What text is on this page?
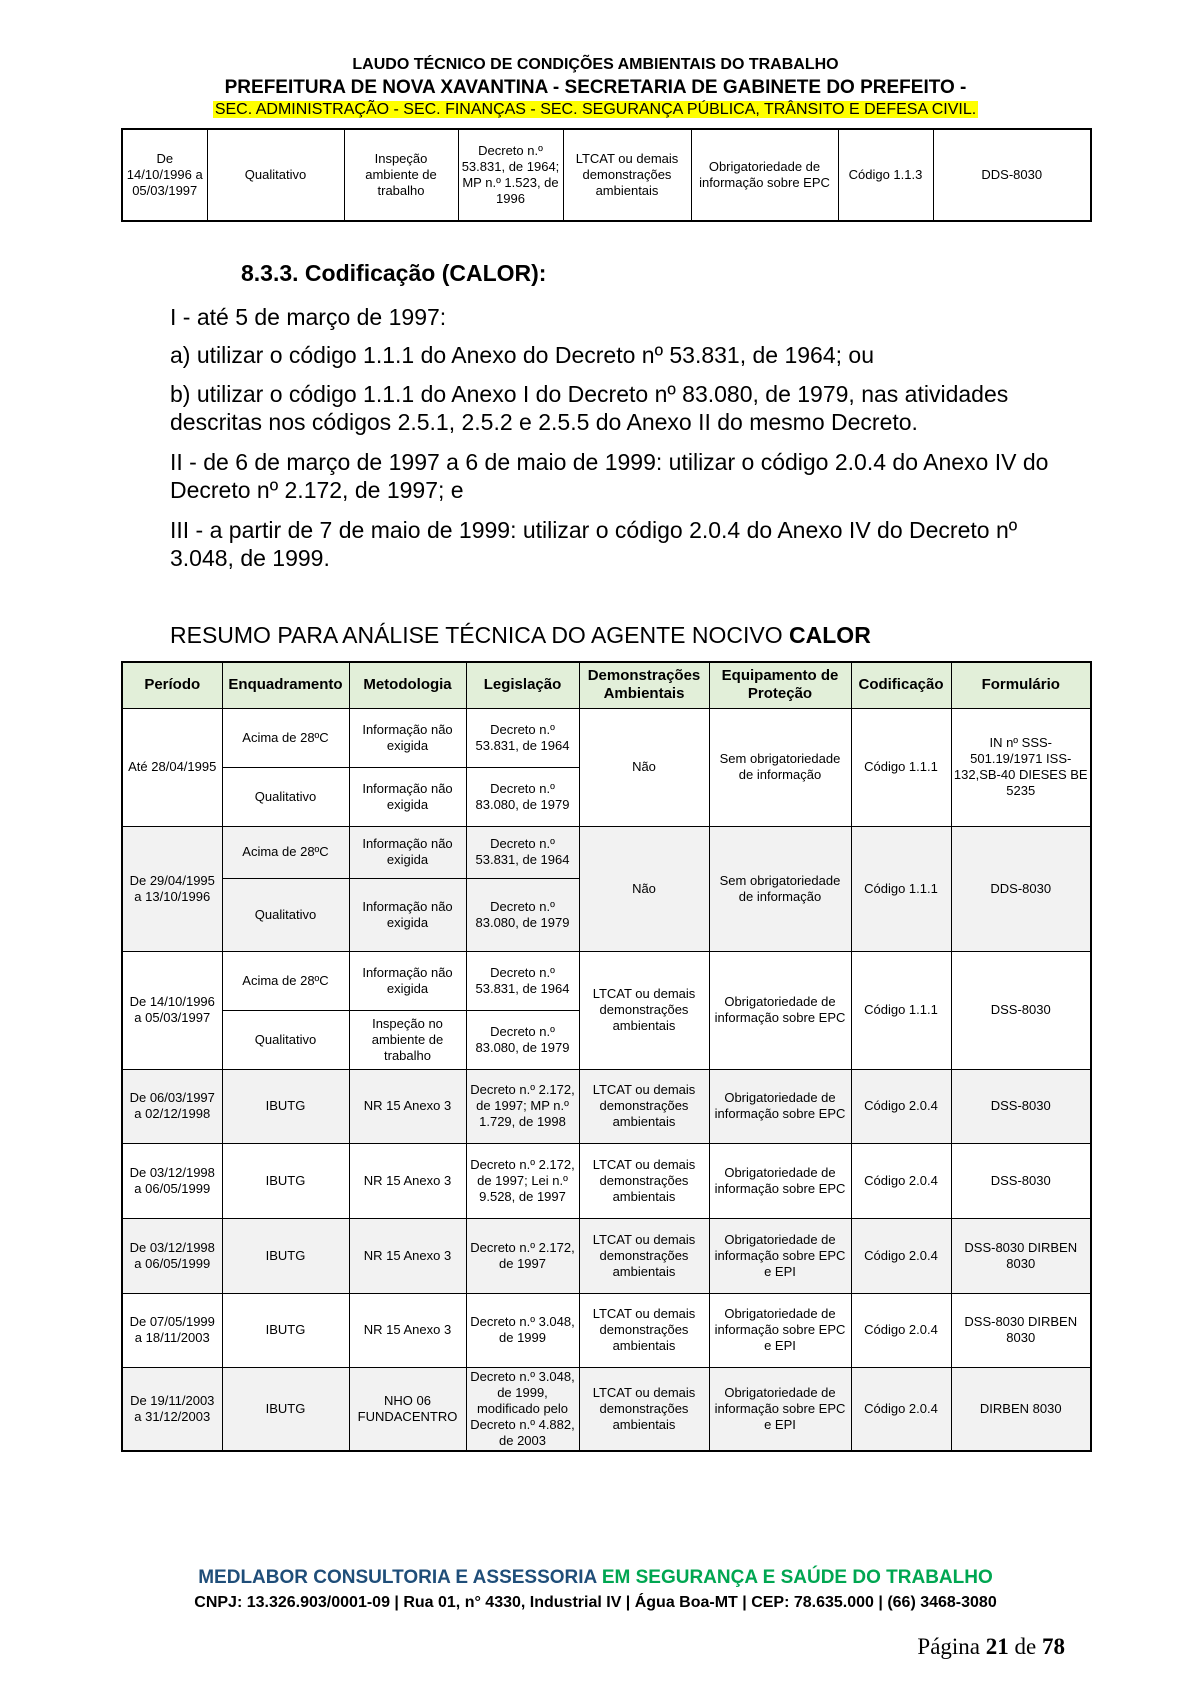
LAUDO TÉCNICO DE CONDIÇÕES AMBIENTAIS DO TRABALHO
PREFEITURA DE NOVA XAVANTINA - SECRETARIA DE GABINETE DO PREFEITO -
SEC. ADMINISTRAÇÃO - SEC. FINANÇAS - SEC. SEGURANÇA PÚBLICA, TRÂNSITO E DEFESA CIVIL.
De 14/10/1996 a 05/03/1997	Qualitativo	Inspeção ambiente de trabalho	Decreto n.º 53.831, de 1964; MP n.º 1.523, de 1996	LTCAT ou demais demonstrações ambientais	Obrigatoriedade de informação sobre EPC	Código 1.1.3	DDS-8030
8.3.3. Codificação (CALOR):
I - até 5 de março de 1997:
a) utilizar o código 1.1.1 do Anexo do Decreto nº 53.831, de 1964; ou
b) utilizar o código 1.1.1 do Anexo I do Decreto nº 83.080, de 1979, nas atividades descritas nos códigos 2.5.1, 2.5.2 e 2.5.5 do Anexo II do mesmo Decreto.
II - de 6 de março de 1997 a 6 de maio de 1999: utilizar o código 2.0.4 do Anexo IV do Decreto nº 2.172, de 1997; e
III - a partir de 7 de maio de 1999: utilizar o código 2.0.4 do Anexo IV do Decreto nº 3.048, de 1999.
RESUMO PARA ANÁLISE TÉCNICA DO AGENTE NOCIVO CALOR
Período	Enquadramento	Metodologia	Legislação	Demonstrações Ambientais	Equipamento de Proteção	Codificação	Formulário
Até 28/04/1995	Acima de 28ºC	Informação não exigida	Decreto n.º 53.831, de 1964	Não	Sem obrigatoriedade de informação	Código 1.1.1	IN nº SSS-501.19/1971 ISS-132,SB-40 DIESES BE 5235
	Qualitativo	Informação não exigida	Decreto n.º 83.080, de 1979				
De 29/04/1995 a 13/10/1996	Acima de 28ºC	Informação não exigida	Decreto n.º 53.831, de 1964	Não	Sem obrigatoriedade de informação	Código 1.1.1	DDS-8030
	Qualitativo	Informação não exigida	Decreto n.º 83.080, de 1979				
De 14/10/1996 a 05/03/1997	Acima de 28ºC	Informação não exigida	Decreto n.º 53.831, de 1964	LTCAT ou demais demonstrações ambientais	Obrigatoriedade de informação sobre EPC	Código 1.1.1	DSS-8030
	Qualitativo	Inspeção no ambiente de trabalho	Decreto n.º 83.080, de 1979				
De 06/03/1997 a 02/12/1998	IBUTG	NR 15 Anexo 3	Decreto n.º 2.172, de 1997; MP n.º 1.729, de 1998	LTCAT ou demais demonstrações ambientais	Obrigatoriedade de informação sobre EPC	Código 2.0.4	DSS-8030
De 03/12/1998 a 06/05/1999	IBUTG	NR 15 Anexo 3	Decreto n.º 2.172, de 1997; Lei n.º 9.528, de 1997	LTCAT ou demais demonstrações ambientais	Obrigatoriedade de informação sobre EPC	Código 2.0.4	DSS-8030
De 03/12/1998 a 06/05/1999	IBUTG	NR 15 Anexo 3	Decreto n.º 2.172, de 1997	LTCAT ou demais demonstrações ambientais	Obrigatoriedade de informação sobre EPC e EPI	Código 2.0.4	DSS-8030 DIRBEN 8030
De 07/05/1999 a 18/11/2003	IBUTG	NR 15 Anexo 3	Decreto n.º 3.048, de 1999	LTCAT ou demais demonstrações ambientais	Obrigatoriedade de informação sobre EPC e EPI	Código 2.0.4	DSS-8030 DIRBEN 8030
De 19/11/2003 a 31/12/2003	IBUTG	NHO 06 FUNDACENTRO	Decreto n.º 3.048, de 1999, modificado pelo Decreto n.º 4.882, de 2003	LTCAT ou demais demonstrações ambientais	Obrigatoriedade de informação sobre EPC e EPI	Código 2.0.4	DIRBEN 8030
MEDLABOR CONSULTORIA E ASSESSORIA EM SEGURANÇA E SAÚDE DO TRABALHO
CNPJ: 13.326.903/0001-09 | Rua 01, n° 4330, Industrial IV | Água Boa-MT | CEP: 78.635.000 | (66) 3468-3080
Página 21 de 78
